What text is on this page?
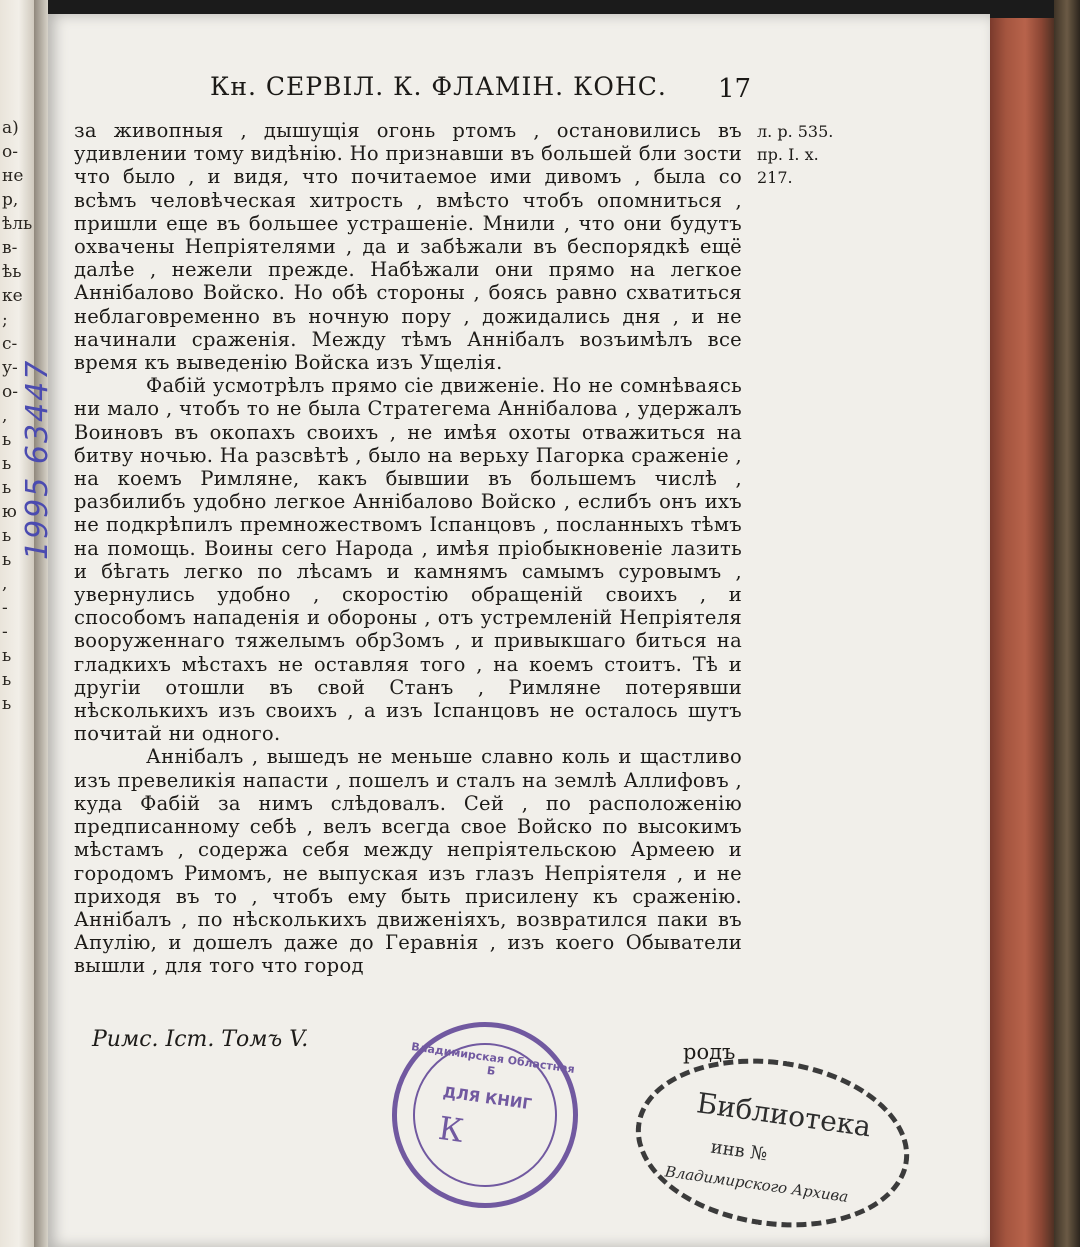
а)
о-
не
р,
ѣль
в-
ѣь
ке
;
с-
у-
о-
,
ь
ь
ь
ю
ь
ь
,
-
-
ь
ь
ь
Кн. СЕРВІЛ. К. ФЛАМІН. КОНС. 17

за живопныя , дышущія огонь ртомъ , остановились въ удивлении тому видѣнію. Но признавши въ большей бли зости что было , и видя, что почитаемое ими дивомъ , была со всѣмъ человѣческая хитрость , вмѣсто чтобъ опомниться , пришли еще въ большее устрашеніе. Мнили , что они будутъ охвачены Непріятелями , да и забѣжали въ беспорядкѣ ещё далѣе , нежели прежде. Набѣжали они прямо на легкое Аннібалово Войско. Но обѣ стороны , боясь равно схватиться неблаговременно въ ночную пору , дожидались дня , и не начинали сраженія. Между тѣмъ Аннібалъ возъимѣлъ все время къ выведенію Войска изъ Ущелія.

Фабій усмотрѣлъ прямо сіе движеніе. Но не сомнѣваясь ни мало , чтобъ то не была Стратегема Аннібалова , удержалъ Воиновъ въ окопахъ своихъ , не имѣя охоты отважиться на битву ночью. На разсвѣтѣ , было на верьху Пагорка сраженіе , на коемъ Римляне, какъ бывшии въ большемъ числѣ , разбилибъ удобно легкое Аннібалово Войско , еслибъ онъ ихъ не подкрѣпилъ премножествомъ Іспанцовъ , посланныхъ тѣмъ на помощь. Воины сего Народа , имѣя пріобыкновеніе лазить и бѣгать легко по лѣсамъ и камнямъ самымъ суровымъ , увернулись удобно , скоростію обращеній своихъ , и способомъ нападенія и обороны , отъ устремленій Непріятеля вооруженнаго тяжелымъ обрЗомъ , и привыкшаго биться на гладкихъ мѣстахъ не оставляя того , на коемъ стоитъ. Тѣ и другіи отошли въ свой Станъ , Римляне потерявши нѣсколькихъ изъ своихъ , а изъ Іспанцовъ не осталось шутъ почитай ни одного.

Аннібалъ , вышедъ не меньше славно коль и щастливо изъ превеликія напасти , пошелъ и сталъ на землѣ Аллифовъ , куда Фабій за нимъ слѣдовалъ. Сей , по расположенію предписанному себѣ , велъ всегда свое Войско по высокимъ мѣстамъ , содержа себя между непріятельскою Армеею и городомъ Римомъ, не выпуская изъ глазъ Непріятеля , и не приходя въ то , чтобъ ему быть присилену къ сраженію. Аннібалъ , по нѣсколькихъ движеніяхъ, возвратился паки въ Апулію, и дошелъ даже до Геравнія , изъ коего Обыватели вышли , для того что город

л. р. 535.
пр. I. х.
217.
Римс. Іст. Томъ V.	родъ
1995 63447
Владимирская Областная Б
ДЛЯ КНИГ
К	Библиотека
инв №
Владимирского Архива
